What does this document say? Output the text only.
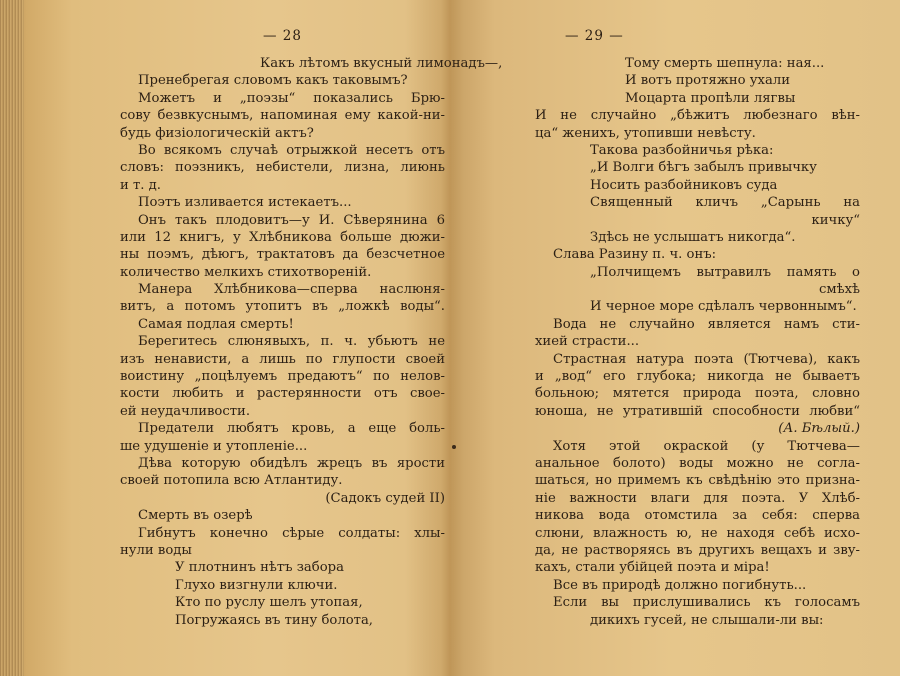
— 28
Какъ лѣтомъ вкусный лимонадъ—,
Пренебрегая словомъ какъ таковымъ?
Можетъ и „поэзы“ показались Брю-
сову безвкуснымъ, напоминая ему какой-ни-
будь физіологическій актъ?
Во всякомъ случаѣ отрыжкой несетъ отъ
словъ: поэзникъ, небистели, лизна, лиюнь
и т. д.
Поэтъ изливается истекаетъ...
Онъ такъ плодовитъ—у И. Сѣверянина 6
или 12 книгъ, у Хлѣбникова больше дюжи-
ны поэмъ, дѣюгъ, трактатовъ да безсчетное
количество мелкихъ стихотвореній.
Манера Хлѣбникова—сперва наслюня-
витъ, а потомъ утопитъ въ „ложкѣ воды“.
Самая подлая смерть!
Берегитесь слюнявыхъ, п. ч. убьютъ не
изъ ненависти, а лишь по глупости своей
воистину „поцѣлуемъ предаютъ“ по нелов-
кости любить и растерянности отъ свое-
ей неудачливости.
Предатели любятъ кровь, а еще боль-
ше удушеніе и утопленіе...
Дѣва которую обидѣлъ жрецъ въ ярости
своей потопила всю Атлантиду.
(Садокъ судей II)
Смерть въ озерѣ
Гибнутъ конечно сѣрые солдаты: хлы-
нули воды
У плотнинъ нѣтъ забора
Глухо визгнули ключи.
Кто по руслу шелъ утопая,
Погружаясь въ тину болота,
— 29 —
Тому смерть шепнула: ная...
И вотъ протяжно ухали
Моцарта пропѣли лягвы
И не случайно „бѣжитъ любезнаго вѣн-
ца“ женихъ, утопивши невѣсту.
Такова разбойничья рѣка:
„И Волги бѣгъ забылъ привычку
Носить разбойниковъ суда
Священный кличъ „Сарынь на
кичку“
Здѣсь не услышатъ никогда“.
Слава Разину п. ч. онъ:
„Полчищемъ вытравилъ память о
смѣхѣ
И черное море сдѣлалъ червоннымъ“.
Вода не случайно является намъ сти-
хией страсти...
Страстная натура поэта (Тютчева), какъ
и „вод“ его глубока; никогда не бываетъ
больною; мятется природа поэта, словно
юноша, не утратившій способности любви“
(А. Бѣлый.)
Хотя этой окраской (у Тютчева—
анальное болото) воды можно не согла-
шаться, но примемъ къ свѣдѣнію это призна-
ніе важности влаги для поэта. У Хлѣб-
никова вода отомстила за себя: сперва
слюни, влажность ю, не находя себѣ исхо-
да, не растворяясь въ другихъ вещахъ и зву-
кахъ, стали убійцей поэта и міра!
Все въ природѣ должно погибнуть...
Если вы прислушивались къ голосамъ
дикихъ гусей, не слышали-ли вы:
